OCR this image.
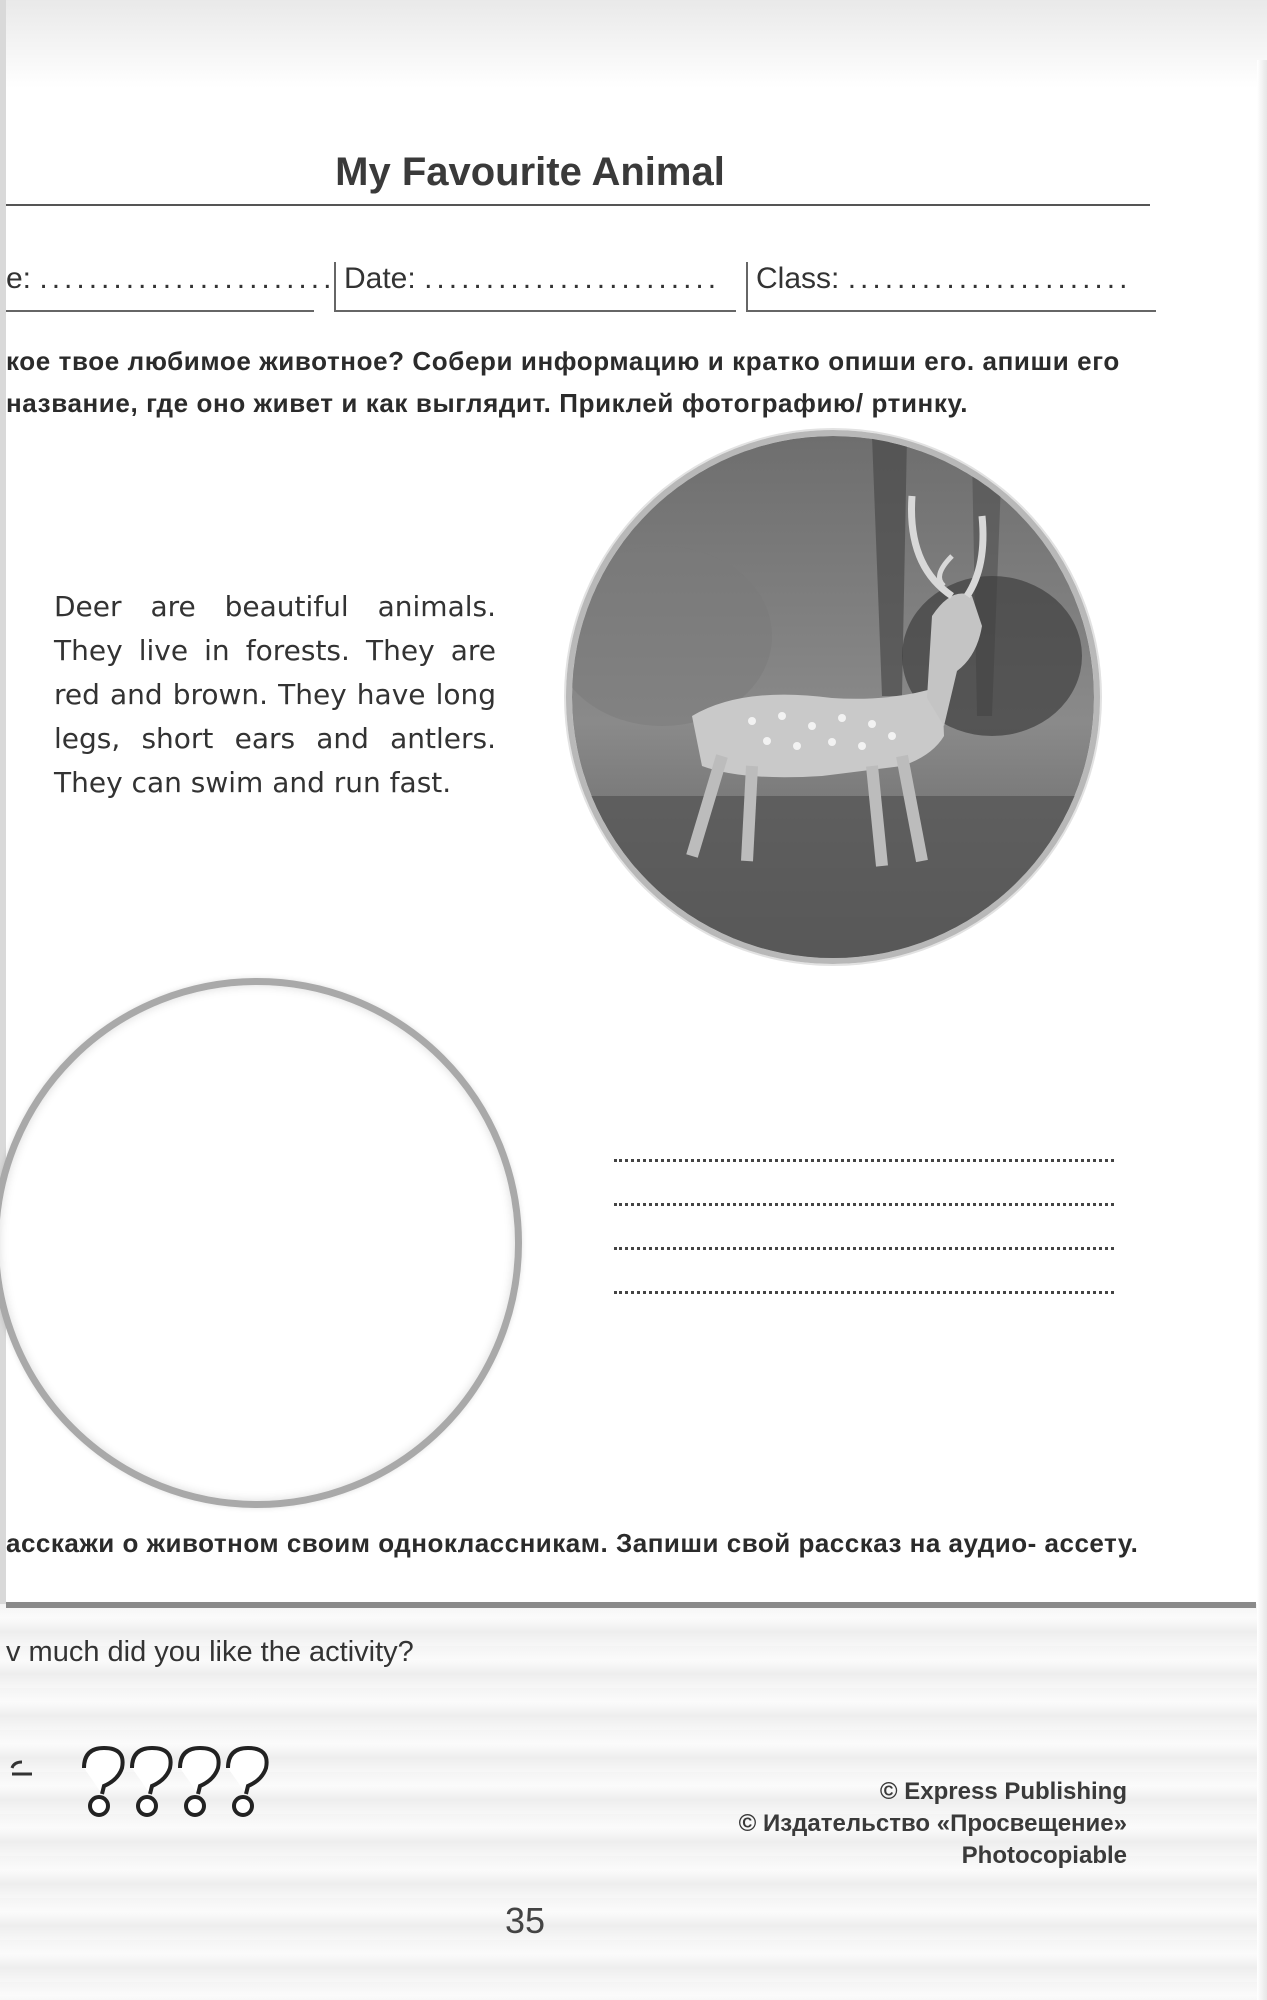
My Favourite Animal
e: ........................ Date: ........................	Class: .......................

кое твое любимое животное? Собери информацию и кратко опиши его. апиши его название, где оно живет и как выглядит. Приклей фотографию/ ртинку.

Deer are beautiful animals. They live in forests. They are red and brown. They have long legs, short ears and antlers. They can swim and run fast.

асскажи о животном своим одноклассникам. Запиши свой рассказ на аудио- ассету.

v much did you like the activity?

© Express Publishing
© Издательство «Просвещение»
Photocopiable

35
